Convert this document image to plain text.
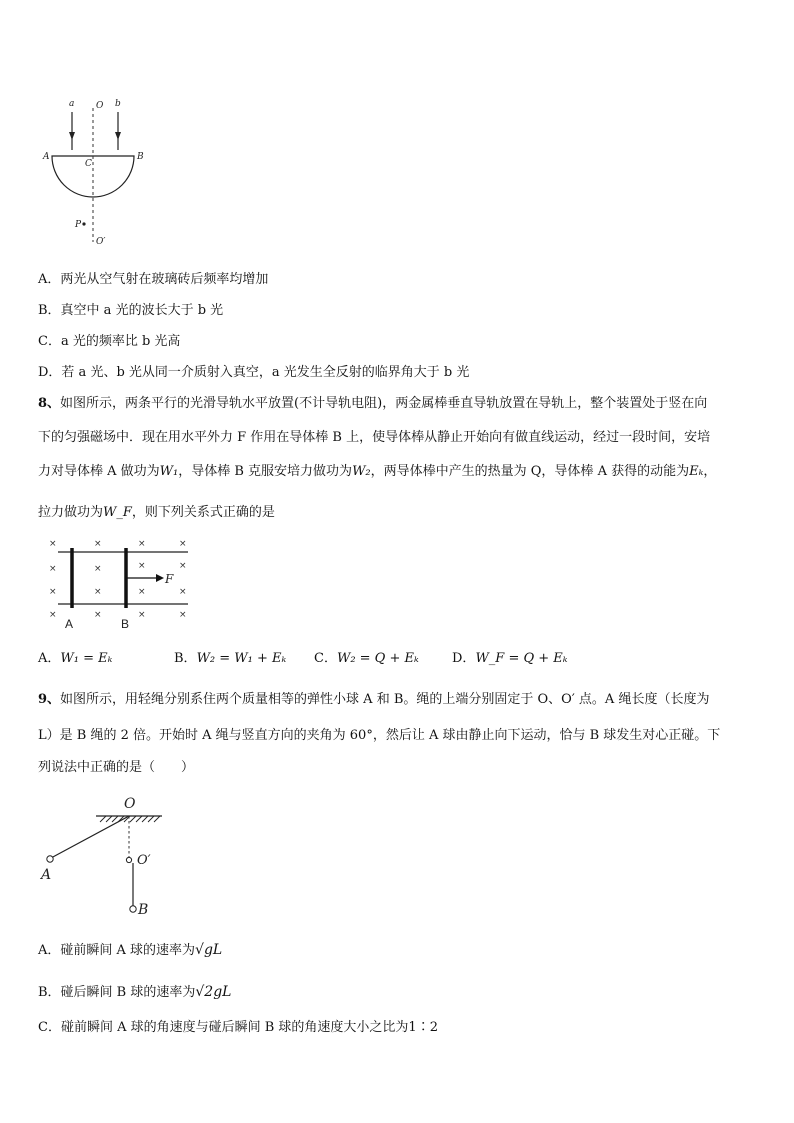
a	b
O
A	B
C
P
O′
A．两光从空气射在玻璃砖后频率均增加
B．真空中 a 光的波长大于 b 光
C．a 光的频率比 b 光高
D．若 a 光、b 光从同一介质射入真空，a 光发生全反射的临界角大于 b 光
8、如图所示，两条平行的光滑导轨水平放置(不计导轨电阻)，两金属棒垂直导轨放置在导轨上，整个装置处于竖在向
下的匀强磁场中．现在用水平外力 F 作用在导体棒 B 上，使导体棒从静止开始向有做直线运动，经过一段时间，安培
力对导体棒 A 做功为W₁，导体棒 B 克服安培力做功为W₂，两导体棒中产生的热量为 Q，导体棒 A 获得的动能为Eₖ，
拉力做功为W_F，则下列关系式正确的是
F
×	×	×	×
×	×	×	×
×	×	×	×
×	×	×	×
A	B
A．W₁ = Eₖ	B．W₂ = W₁ + Eₖ C．W₂ = Q + Eₖ	D．W_F = Q + Eₖ
9、如图所示，用轻绳分别系住两个质量相等的弹性小球 A 和 B。绳的上端分别固定于 O、O′ 点。A 绳长度（长度为
L）是 B 绳的 2 倍。开始时 A 绳与竖直方向的夹角为 60°，然后让 A 球由静止向下运动，恰与 B 球发生对心正碰。下
列说法中正确的是（　　）
O
O′
A
B
A．碰前瞬间 A 球的速率为√gL
B．碰后瞬间 B 球的速率为√2gL
C．碰前瞬间 A 球的角速度与碰后瞬间 B 球的角速度大小之比为1∶2
